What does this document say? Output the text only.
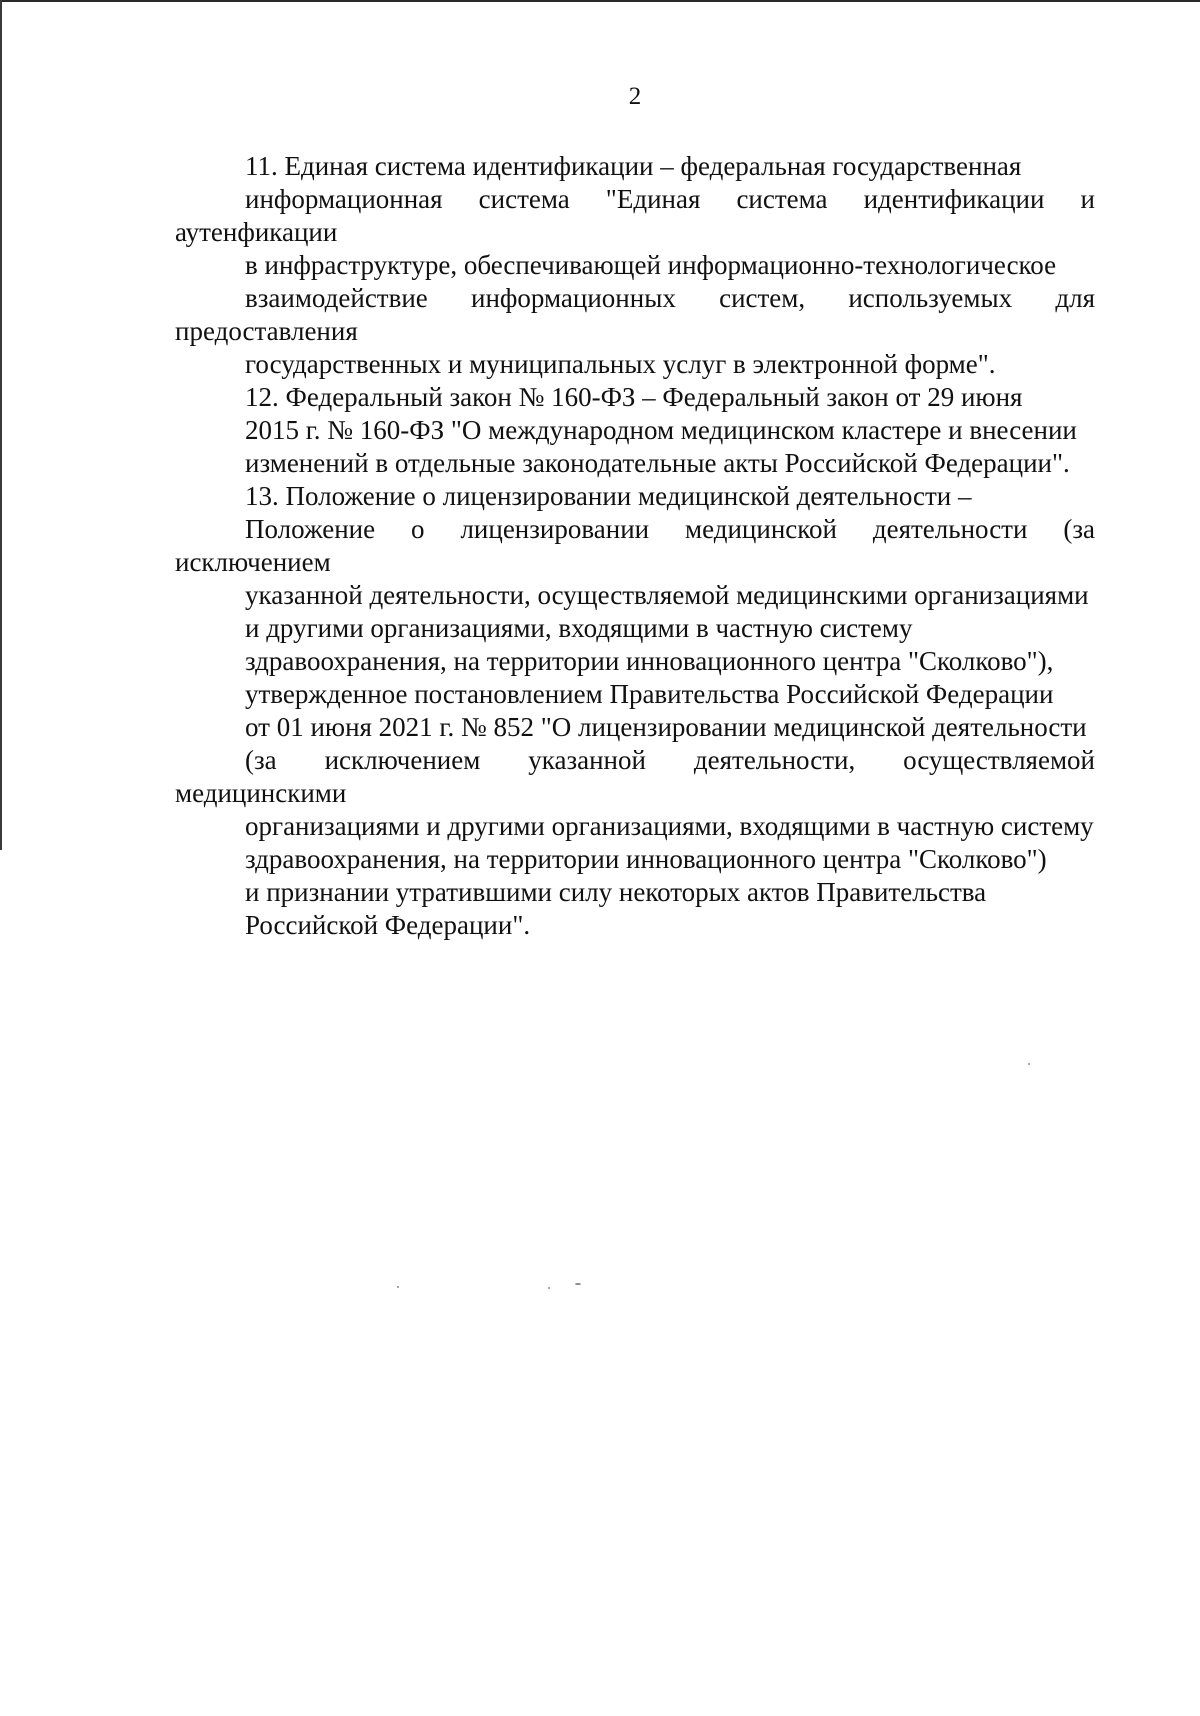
2

11. Единая система идентификации – федеральная государственная
информационная система "Единая система идентификации и аутенфикации
в инфраструктуре, обеспечивающей информационно-технологическое
взаимодействие информационных систем, используемых для предоставления
государственных и муниципальных услуг в электронной форме".

12. Федеральный закон № 160-ФЗ – Федеральный закон от 29 июня
2015 г. № 160-ФЗ "О международном медицинском кластере и внесении
изменений в отдельные законодательные акты Российской Федерации".

13. Положение о лицензировании медицинской деятельности –
Положение о лицензировании медицинской деятельности (за исключением
указанной деятельности, осуществляемой медицинскими организациями
и другими организациями, входящими в частную систему
здравоохранения, на территории инновационного центра "Сколково"),
утвержденное постановлением Правительства Российской Федерации
от 01 июня 2021 г. № 852 "О лицензировании медицинской деятельности
(за исключением указанной деятельности, осуществляемой медицинскими
организациями и другими организациями, входящими в частную систему
здравоохранения, на территории инновационного центра "Сколково")
и признании утратившими силу некоторых актов Правительства
Российской Федерации".
